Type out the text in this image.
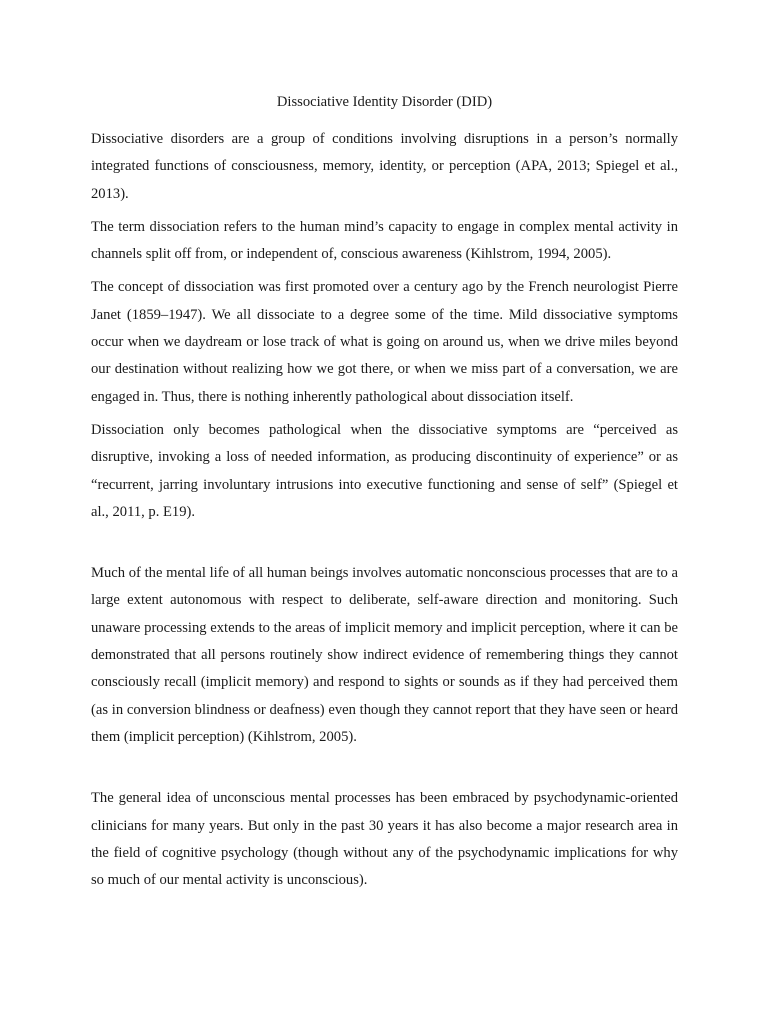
Dissociative Identity Disorder (DID)

Dissociative disorders are a group of conditions involving disruptions in a person’s normally integrated functions of consciousness, memory, identity, or perception (APA, 2013; Spiegel et al., 2013).

The term dissociation refers to the human mind’s capacity to engage in complex mental activity in channels split off from, or independent of, conscious awareness (Kihlstrom, 1994, 2005).

The concept of dissociation was first promoted over a century ago by the French neurologist Pierre Janet (1859–1947). We all dissociate to a degree some of the time. Mild dissociative symptoms occur when we daydream or lose track of what is going on around us, when we drive miles beyond our destination without realizing how we got there, or when we miss part of a conversation, we are engaged in. Thus, there is nothing inherently pathological about dissociation itself.

Dissociation only becomes pathological when the dissociative symptoms are “perceived as disruptive, invoking a loss of needed information, as producing discontinuity of experience” or as “recurrent, jarring involuntary intrusions into executive functioning and sense of self” (Spiegel et al., 2011, p. E19).

Much of the mental life of all human beings involves automatic nonconscious processes that are to a large extent autonomous with respect to deliberate, self-aware direction and monitoring. Such unaware processing extends to the areas of implicit memory and implicit perception, where it can be demonstrated that all persons routinely show indirect evidence of remembering things they cannot consciously recall (implicit memory) and respond to sights or sounds as if they had perceived them (as in conversion blindness or deafness) even though they cannot report that they have seen or heard them (implicit perception) (Kihlstrom, 2005).

The general idea of unconscious mental processes has been embraced by psychodynamic-oriented clinicians for many years. But only in the past 30 years it has also become a major research area in the field of cognitive psychology (though without any of the psychodynamic implications for why so much of our mental activity is unconscious).
